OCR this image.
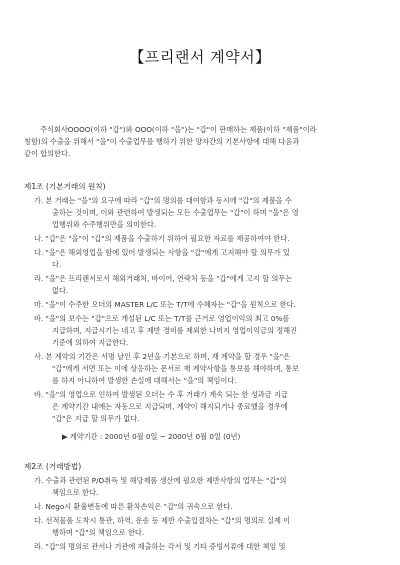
【프리랜서 계약서】
주식회사OOOO(이하 "갑")와 OOO(이하 "을")는 "갑"이 판매하는 제품(이하 "제품"이라
칭함)의 수출을 위해서 "을"이 수출업무를 행하기 위한 양자간의 기본사항에 대해 다음과
같이 합의한다.
제1조 (기본거래의 원칙)
가. 본 거래는 "을"의 요구에 따라 "갑"의 명의를 대여함과 동시에 "갑"의 제품을 수
출하는 것이며, 이와 관련하여 발생되는 모든 수출업무는 "갑"이 하며 "을"은 영
업행위와 수주행위만을 의미한다.
나. "갑"은 "을"이 "갑"의 제품을 수출하기 위하여 필요한 자료를 제공하여야 한다.
다. "을"은 해외영업을 함에 있어 발생되는 사항을 "갑"에게 고지해야 할 의무가 있
다.
라. "을"은 프리랜서로서 해외거래처, 바이어, 연락처 등을 "갑"에게 고지 할 의무는
없다.
마. "을"이 수주한 오더의 MASTER L/C 또는 T/T에 수혜자는 "갑"을 원칙으로 한다.
바. "을"의 보수는 "갑"으로 개설된 L/C 또는 T/T를 근거로 영업이익의 최고 0%를
지급하며, 지급시기는 네고 후 제반 경비를 제외한 나머지 영업이익금의 정해진
기준에 의하여 지급한다.
사. 본 계약의 기간은 서명 날인 후 2년을 기본으로 하며, 재 계약을 할 경우 "을"은
"갑"에게 서면 또는 이에 상응하는 문서로 재 계약사항을 통보를 해야하며, 통보
를 하지 아니하여 발생한 손실에 대해서는 "을"의 책임이다.
바. "을"의 영업으로 인하여 발생된 오더는 수 후 거래가 계속 되는 한 성과금 지급
은 계약기간 내에는 자동으로 지급되며, 계약이 해지되거나 종료했을 경우에
"갑"은 지급 할 의무가 없다.
▶ 계약기간 : 2000년 0월 0일 ~ 2000년 0월 0일 (0년)
제2조 (거래방법)
가. 수출과 관련된 P/O취득 및 해당제품 생산에 필요한 제반사항의 업무는 "갑"의
책임으로 한다.
나. Nego시 환율변동에 따른 환차손익은 "갑"의 귀속으로 한다.
다. 선적물품 도착시 통관, 하역, 운송 등 제반 수출입절차는 "갑"의 명의로 실제 이
행하며 "갑"의 책임으로 한다.
라. "갑"의 명의로 관서나 기관에 제출하는 각서 및 기타 증빙서류에 대한 책임 및
